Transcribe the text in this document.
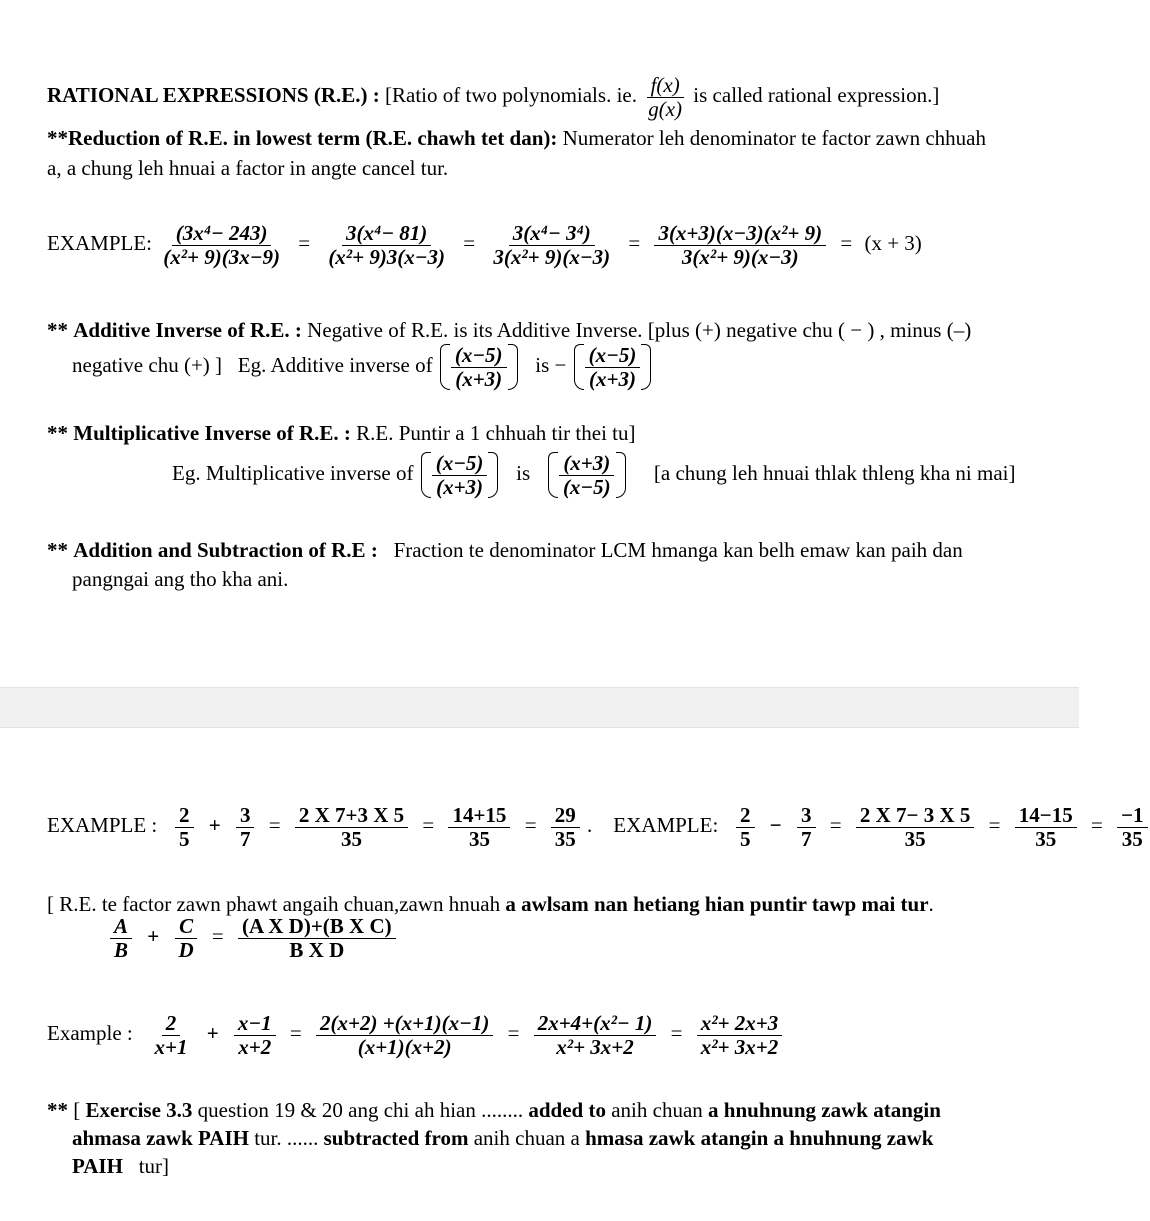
RATIONAL EXPRESSIONS (R.E.) : [Ratio of two polynomials. ie. $\frac{f(x)}{g(x)}$ is called rational expression.]
**Reduction of R.E. in lowest term (R.E. chawh tet dan): Numerator leh denominator te factor zawn chhuah
a, a chung leh hnuai a factor in angte cancel tur.
EXAMPLE: $\frac{\text{(3x⁴− 243)}}{\text{(x²+ 9)(3x−9)}} = \frac{\text{3(x⁴− 81)}}{\text{(x²+ 9)3(x−3)}} = \frac{\text{3(x⁴− 3⁴)}}{\text{3(x²+ 9)(x−3)}} = \frac{\text{3(x+3)(x−3)(x²+ 9)}}{\text{3(x²+ 9)(x−3)}} = (x + 3)$
** Additive Inverse of R.E. : Negative of R.E. is its Additive Inverse. [plus (+) negative chu ( − ) , minus (–)
negative chu (+) ] Eg. Additive inverse of $\frac{(x-5)}{(x+3)}$ is − $\frac{(x-5)}{(x+3)}$
** Multiplicative Inverse of R.E. : R.E. Puntir a 1 chhuah tir thei tu]
Eg. Multiplicative inverse of $\frac{(x-5)}{(x+3)}$ is $\frac{(x+3)}{(x-5)} [a$ chung leh hnuai thlak thleng kha ni mai]
** Addition and Subtraction of R.E : Fraction te denominator LCM hmanga kan belh emaw kan paih dan
pangngai ang tho kha ani.
EXAMPLE : $\frac{2}{5} + \frac{3}{7} = \frac{2 X 7+3 X 5}{35} = \frac{14+15}{35} = \frac{29}{35}$ . EXAMPLE: $\frac{2}{5} - \frac{3}{7} = \frac{2 X 7- 3 X 5}{35} = \frac{14-15}{35} = \frac{-1}{35}$
[ R.E. te factor zawn phawt angaih chuan,zawn hnuah a awlsam nan hetiang hian puntir tawp mai tur.
$\frac{A}{B} + \frac{C}{D} = \frac{\text{(A X D)+(B X C)}}{\text{B X D}}$
Example : $\frac{2}{x+1} + \frac{x-1}{x+2} = \frac{2(x+2) +(x+1)(x-1)}{(x+1)(x+2)} = \frac{\text{2x+4+(x²− 1)}}{\text{x²+ 3x+2}} = \frac{\text{x²+ 2x+3}}{\text{x²+ 3x+2}}$
** [ Exercise 3.3 question 19 & 20 ang chi ah hian ........ added to anih chuan a hnuhnung zawk atangin
ahmasa zawk PAIH tur. ...... subtracted from anih chuan a hmasa zawk atangin a hnuhnung zawk
PAIH tur]
